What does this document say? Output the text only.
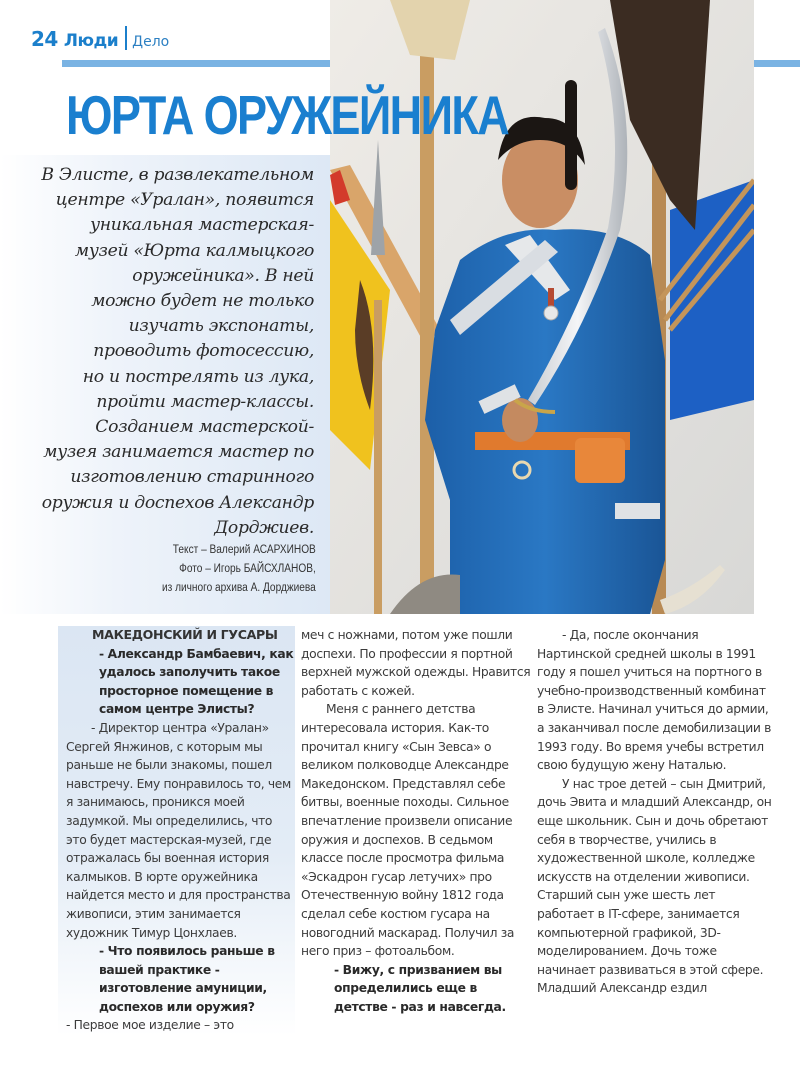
24 Люди Дело
ЮРТА ОРУЖЕЙНИКА
В Элисте, в развлекательном
центре «Уралан», появится
уникальная мастерская-
музей «Юрта калмыцкого
оружейника». В ней
можно будет не только
изучать экспонаты,
проводить фотосессию,
но и пострелять из лука,
пройти мастер-классы.
Созданием мастерской-
музея занимается мастер по
изготовлению старинного
оружия и доспехов Александр
Дорджиев.
Текст – Валерий АСАРХИНОВ
Фото – Игорь БАЙСХЛАНОВ,
из личного архива А. Дорджиева

МАКЕДОНСКИЙ И ГУСАРЫ

- Александр Бамбаевич, как удалось заполучить такое просторное помещение в самом центре Элисты?

- Директор центра «Уралан» Сергей Янжинов, с которым мы раньше не были знакомы, пошел навстречу. Ему понравилось то, чем я занимаюсь, проникся моей задумкой. Мы определились, что это будет мастерская-музей, где отражалась бы военная история калмыков. В юрте оружейника найдется место и для пространства живописи, этим занимается художник Тимур Цонхлаев.

- Что появилось раньше в вашей практике - изготовление амуниции, доспехов или оружия?

- Первое мое изделие – это

меч с ножнами, потом уже пошли доспехи. По профессии я портной верхней мужской одежды. Нравится работать с кожей.

Меня с раннего детства интересовала история. Как-то прочитал книгу «Сын Зевса» о великом полководце Александре Македонском. Представлял себе битвы, военные походы. Сильное впечатление произвели описание оружия и доспехов. В седьмом классе после просмотра фильма «Эскадрон гусар летучих» про Отечественную войну 1812 года сделал себе костюм гусара на новогодний маскарад. Получил за него приз – фотоальбом.

- Вижу, с призванием вы определились еще в детстве - раз и навсегда.

- Да, после окончания Нартинской средней школы в 1991 году я пошел учиться на портного в учебно-производственный комбинат в Элисте. Начинал учиться до армии, а заканчивал после демобилизации в 1993 году. Во время учебы встретил свою будущую жену Наталью.

У нас трое детей – сын Дмитрий, дочь Эвита и младший Александр, он еще школьник. Сын и дочь обретают себя в творчестве, учились в художественной школе, колледже искусств на отделении живописи. Старший сын уже шесть лет работает в IT-сфере, занимается компьютерной графикой, 3D-моделированием. Дочь тоже начинает развиваться в этой сфере. Младший Александр ездил
